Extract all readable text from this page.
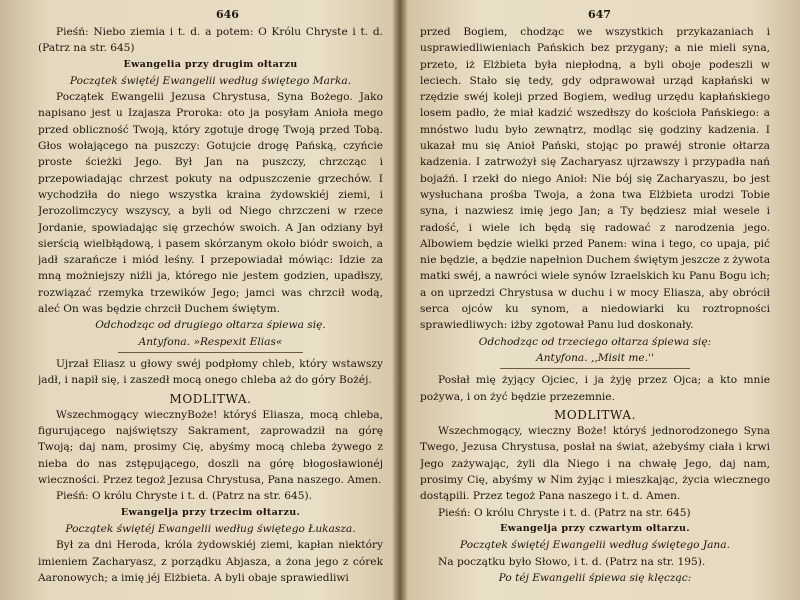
646

Pieśń: Niebo ziemia i t. d. a potem: O Królu Chryste i t. d. (Patrz na str. 645)

Ewangelia przy drugim ołtarzu

Początek świętéj Ewangelii według świętego Marka.

Początek Ewangelii Jezusa Chrystusa, Syna Bożego. Jako napisano jest u Izajasza Proroka: oto ja posyłam Anioła mego przed obliczność Twoją, który zgotuje drogę Twoją przed Tobą. Głos wołającego na puszczy: Gotujcie drogę Pańską, czyńcie proste ścieżki Jego. Był Jan na puszczy, chrzcząc i przepowiadając chrzest pokuty na odpuszczenie grzechów. I wychodziła do niego wszystka kraina żydowskiéj ziemi, i Jerozolimczycy wszyscy, a byli od Niego chrzczeni w rzece Jordanie, spowiadając się grzechów swoich. A Jan odziany był sierścią wielbłądową, i pasem skórzanym około biódr swoich, a jadł szarańcze i miód leśny. I przepowiadał mówiąc: Idzie za mną możniejszy niźli ja, którego nie jestem godzien, upadłszy, rozwiązać rzemyka trzewików Jego; jamci was chrzcił wodą, aleć On was będzie chrzcił Duchem świętym.

Odchodząc od drugiego ołtarza śpiewa się.

Antyfona. »Respexit Elias«

Ujrzał Eliasz u głowy swéj podpłomy chleb, który wstawszy jadł, i napił się, i zaszedł mocą onego chleba aż do góry Bożéj.

MODLITWA.

Wszechmogący wiecznyBoże! któryś Eliasza, mocą chleba, figurującego najświętszy Sakrament, zaprowadził na górę Twoją; daj nam, prosimy Cię, abyśmy mocą chleba żywego z nieba do nas zstępującego, doszli na górę błogosławionéj wieczności. Przez tegoż Jezusa Chrystusa, Pana naszego. Amen.

Pieśń: O królu Chryste i t. d. (Patrz na str. 645).

Ewangelja przy trzecim ołtarzu.

Początek świętéj Ewangelii według świętego Łukasza.

Był za dni Heroda, króla żydowskiéj ziemi, kapłan niektóry imieniem Zacharyasz, z porządku Abjasza, a żona jego z córek Aaronowych; a imię jéj Elżbieta. A byli obaje sprawiedliwi

647

przed Bogiem, chodząc we wszystkich przykazaniach i usprawiedliwieniach Pańskich bez przygany; a nie mieli syna, przeto, iż Elżbieta była niepłodną, a byli oboje podeszli w leciech. Stało się tedy, gdy odprawował urząd kapłański w rzędzie swéj koleji przed Bogiem, według urzędu kapłańskiego losem padło, że miał kadzić wszedłszy do kościoła Pańskiego: a mnóstwo ludu było zewnątrz, modląc się godziny kadzenia. I ukazał mu się Anioł Pański, stojąc po prawéj stronie ołtarza kadzenia. I zatrwożył się Zacharyasz ujrzawszy i przypadła nań bojaźń. I rzekł do niego Anioł: Nie bój się Zacharyaszu, bo jest wysłuchana prośba Twoja, a żona twa Elżbieta urodzi Tobie syna, i nazwiesz imię jego Jan; a Ty będziesz miał wesele i radość, i wiele ich będą się radować z narodzenia jego. Albowiem będzie wielki przed Panem: wina i tego, co upaja, pić nie będzie, a będzie napełnion Duchem świętym jeszcze z żywota matki swéj, a nawróci wiele synów Izraelskich ku Panu Bogu ich; a on uprzedzi Chrystusa w duchu i w mocy Eliasza, aby obrócił serca ojców ku synom, a niedowiarki ku roztropności sprawiedliwych: iżby zgotował Panu lud doskonały.

Odchodząc od trzeciego ołtarza śpiewa się:

Antyfona. ,,Misit me.''

Posłał mię żyjący Ojciec, i ja żyję przez Ojca; a kto mnie pożywa, i on żyć będzie przezemnie.

MODLITWA.

Wszechmogący, wieczny Boże! któryś jednorodzonego Syna Twego, Jezusa Chrystusa, posłał na świat, ażebyśmy ciała i krwi Jego zażywając, żyli dla Niego i na chwałę Jego, daj nam, prosimy Cię, abyśmy w Nim żyjąc i mieszkając, życia wiecznego dostąpili. Przez tegoż Pana naszego i t. d. Amen.

Pieśń: O królu Chryste i t. d. (Patrz na str. 645)

Ewangelja przy czwartym ołtarzu.

Początek świętéj Ewangelii według świętego Jana.

Na początku było Słowo, i t. d. (Patrz na str. 195).

Po téj Ewangelii śpiewa się klęcząc:
